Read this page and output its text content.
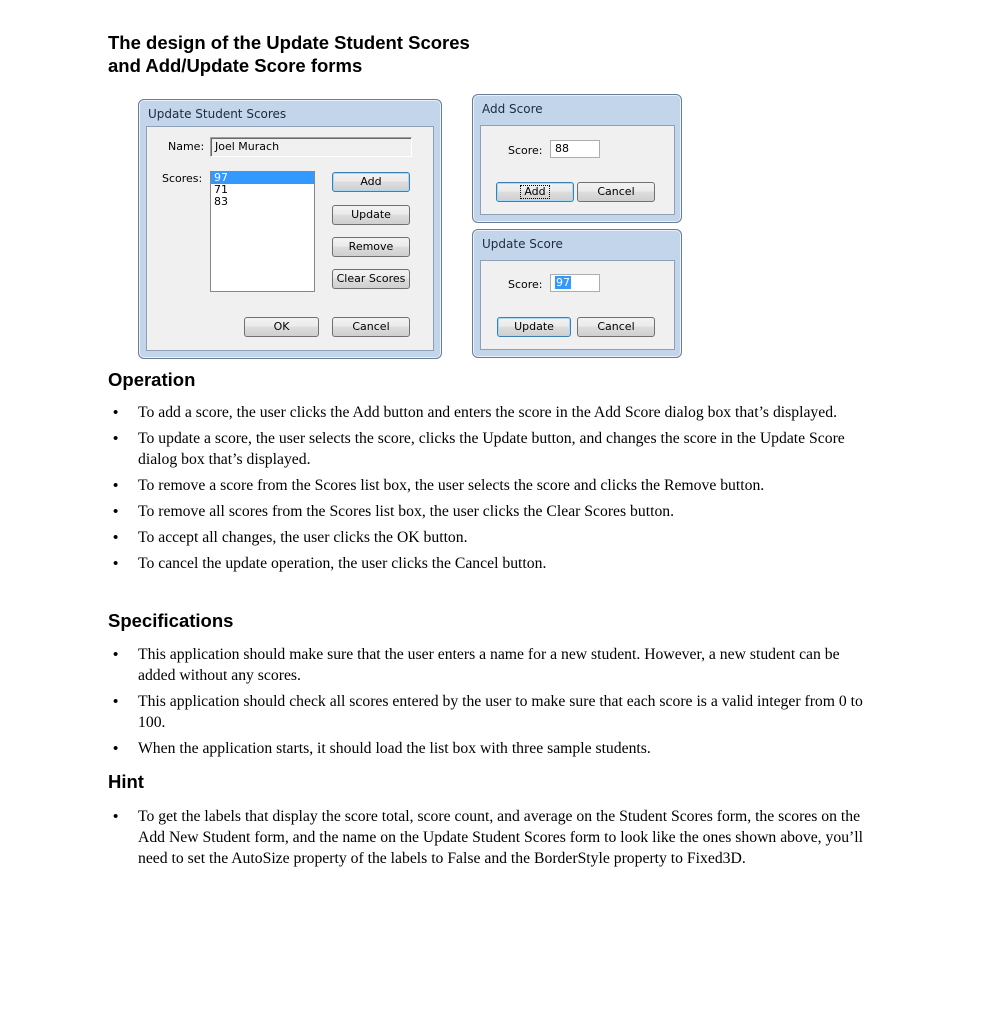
The design of the Update Student Scores
and Add/Update Score forms
Update Student Scores
Name: Joel Murach
Scores: 97
71
83
Add
Update
Remove
Clear Scores
OK	Cancel
Add Score
Score:	88
Add	Cancel
Update Score
Score:	97
Update	Cancel
Operation
• To add a score, the user clicks the Add button and enters the score in the Add Score dialog box that’s displayed.
• To update a score, the user selects the score, clicks the Update button, and changes the score in the Update Score dialog box that’s displayed.
• To remove a score from the Scores list box, the user selects the score and clicks the Remove button.
• To remove all scores from the Scores list box, the user clicks the Clear Scores button.
• To accept all changes, the user clicks the OK button.
• To cancel the update operation, the user clicks the Cancel button.
Specifications
• This application should make sure that the user enters a name for a new student. However, a new student can be added without any scores.
• This application should check all scores entered by the user to make sure that each score is a valid integer from 0 to 100.
• When the application starts, it should load the list box with three sample students.
Hint
• To get the labels that display the score total, score count, and average on the Student Scores form, the scores on the Add New Student form, and the name on the Update Student Scores form to look like the ones shown above, you’ll need to set the AutoSize property of the labels to False and the BorderStyle property to Fixed3D.
